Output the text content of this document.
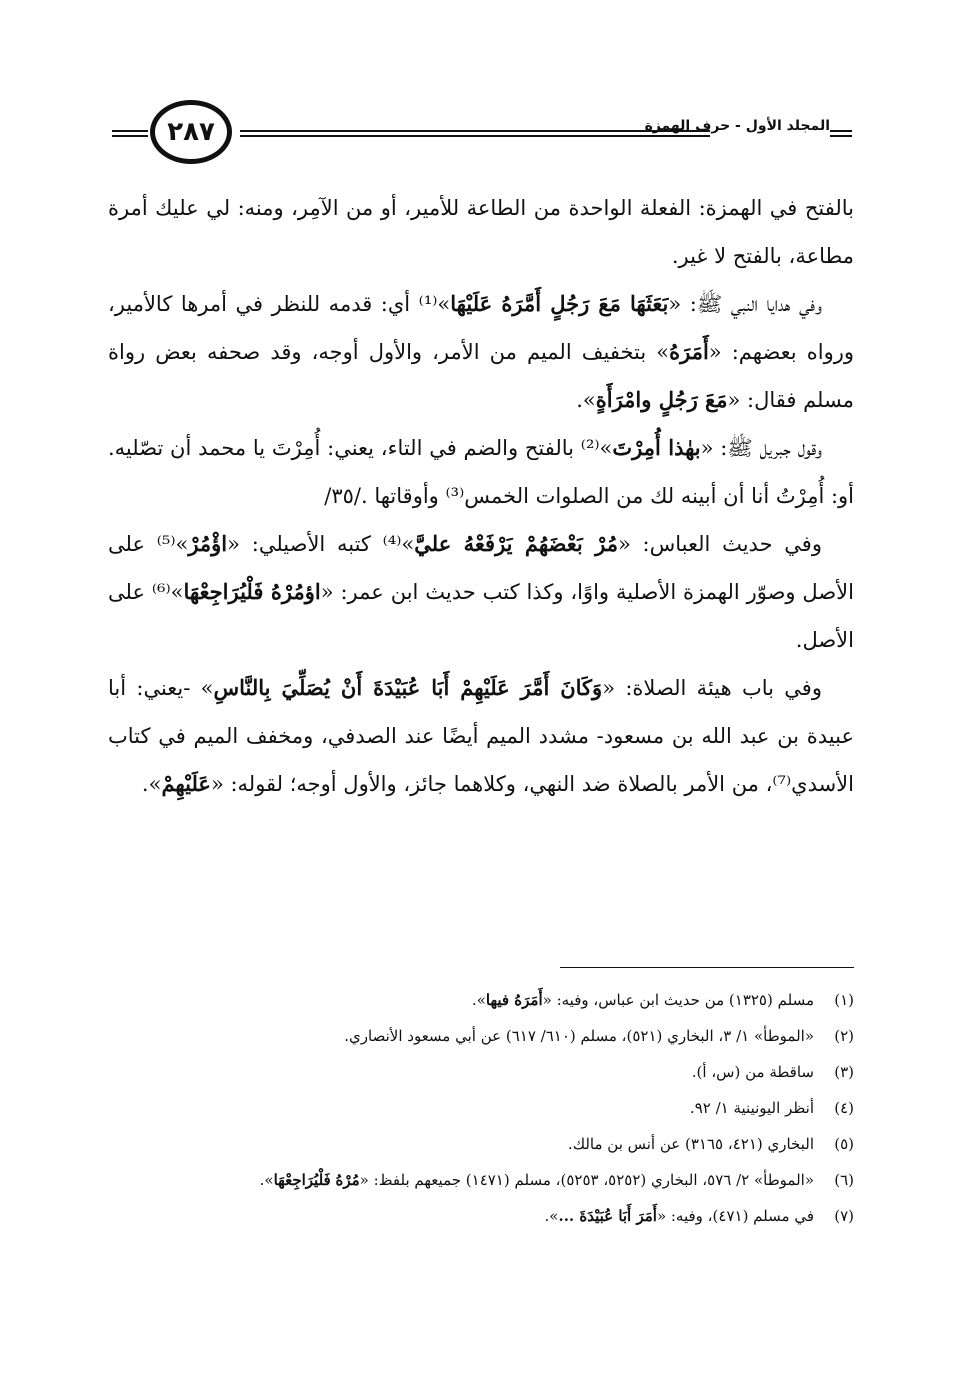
٢٨٧	المجلد الأول - حرف الهمزة

بالفتح في الهمزة: الفعلة الواحدة من الطاعة للأمير، أو من الآمِر، ومنه: لي عليك أمرة مطاعة، بالفتح لا غير.

وفي هدايا النبي ﷺ: «بَعَثَهَا مَعَ رَجُلٍ أَمَّرَهُ عَلَيْهَا»⁽¹⁾ أي: قدمه للنظر في أمرها كالأمير، ورواه بعضهم: «أَمَرَهُ» بتخفيف الميم من الأمر، والأول أوجه، وقد صحفه بعض رواة مسلم فقال: «مَعَ رَجُلٍ وامْرَأَةٍ».

وقول جبريل ﷺ: «بهٰذا أُمِرْتَ»⁽²⁾ بالفتح والضم في التاء، يعني: أُمِرْتَ يا محمد أن تصّليه. أو: أُمِرْتُ أنا أن أبينه لك من الصلوات الخمس⁽³⁾ وأوقاتها ./٣٥/

وفي حديث العباس: «مُرْ بَعْضَهُمْ يَرْفَعْهُ عليَّ»⁽⁴⁾ كتبه الأصيلي: «اؤْمُرْ»⁽⁵⁾ على الأصل وصوّر الهمزة الأصلية واوًا، وكذا كتب حديث ابن عمر: «اؤمُرْهُ فَلْيُرَاجِعْهَا»⁽⁶⁾ على الأصل.

وفي باب هيئة الصلاة: «وَكَانَ أَمَّرَ عَلَيْهِمْ أَبَا عُبَيْدَةَ أَنْ يُصَلِّيَ بِالنَّاسِ» -يعني: أبا عبيدة بن عبد الله بن مسعود- مشدد الميم أيضًا عند الصدفي، ومخفف الميم في كتاب الأسدي⁽⁷⁾، من الأمر بالصلاة ضد النهي، وكلاهما جائز، والأول أوجه؛ لقوله: «عَلَيْهِمْ».

(١)
مسلم (١٣٢٥) من حديث ابن عباس، وفيه: «أَمَرَهُ فيها».
(٢)
«الموطأ» ١/ ٣، البخاري (٥٢١)، مسلم (٦١٠/ ٦١٧) عن أبي مسعود الأنصاري.
(٣)
ساقطة من (س، أ).
(٤)
أنظر اليونينية ١/ ٩٢.
(٥)
البخاري (٤٢١، ٣١٦٥) عن أنس بن مالك.
(٦)
«الموطأ» ٢/ ٥٧٦، البخاري (٥٢٥٢، ٥٢٥٣)، مسلم (١٤٧١) جميعهم بلفظ: «مُرْهُ فَلْيُرَاجِعْهَا».
(٧)
في مسلم (٤٧١)، وفيه: «أَمَرَ أَبَا عُبَيْدَةَ ...».
